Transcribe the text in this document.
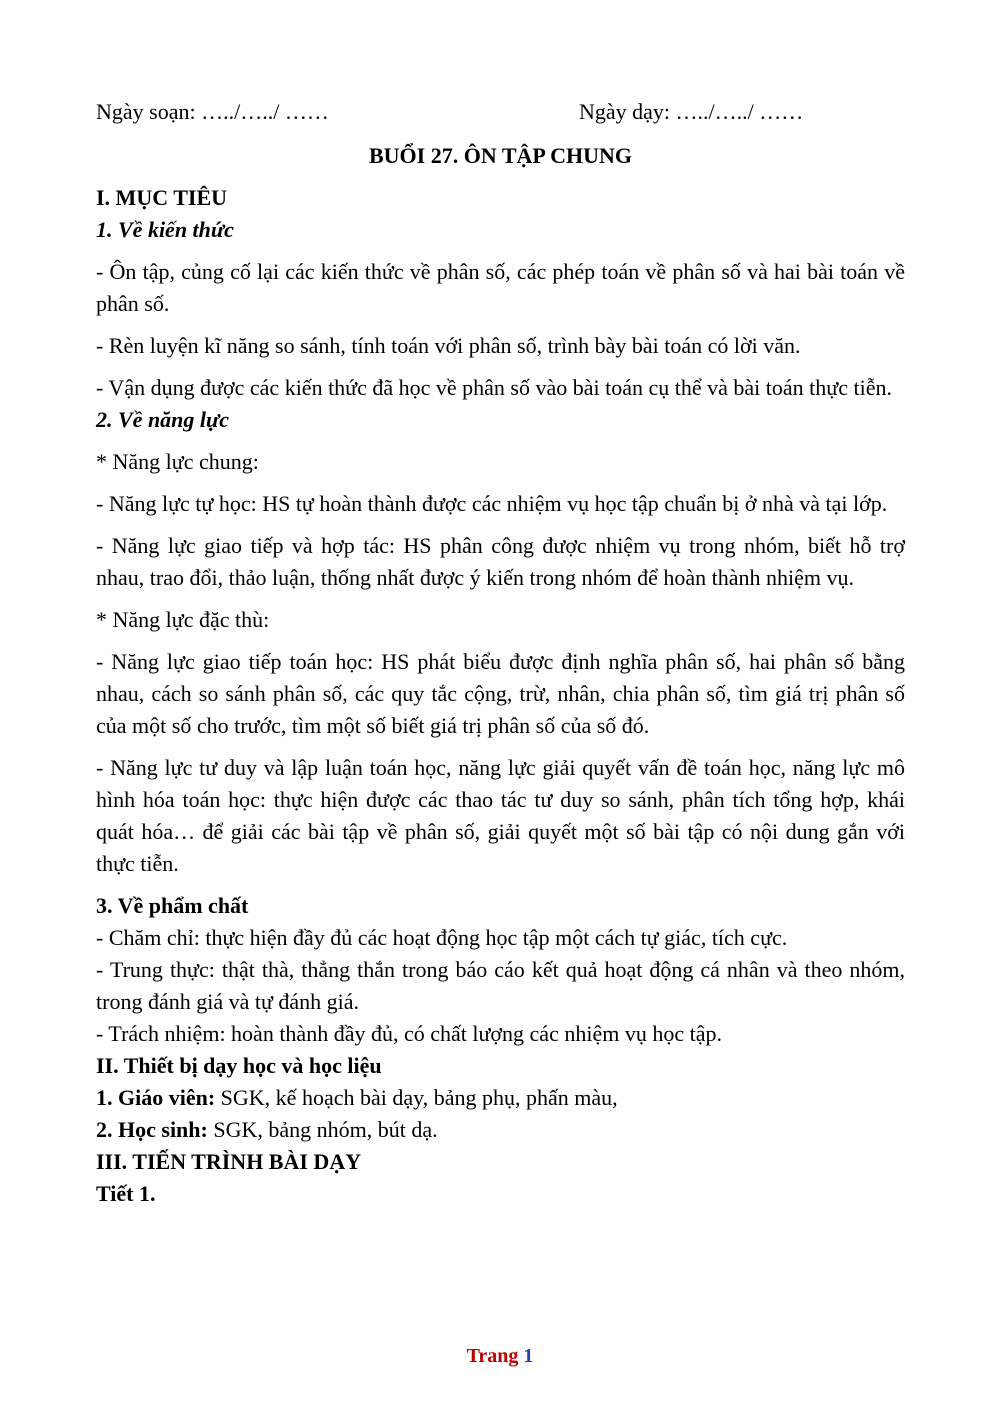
Ngày soạn: …../…../ ……	Ngày dạy: …../…../ ……

BUỔI 27. ÔN TẬP CHUNG

I. MỤC TIÊU

1. Về kiến thức

- Ôn tập, củng cố lại các kiến thức về phân số, các phép toán về phân số và hai bài toán về phân số.

- Rèn luyện kĩ năng so sánh, tính toán với phân số, trình bày bài toán có lời văn.

- Vận dụng được các kiến thức đã học về phân số vào bài toán cụ thể và bài toán thực tiễn.

2. Về năng lực

* Năng lực chung:

- Năng lực tự học: HS tự hoàn thành được các nhiệm vụ học tập chuẩn bị ở nhà và tại lớp.

- Năng lực giao tiếp và hợp tác: HS phân công được nhiệm vụ trong nhóm, biết hỗ trợ nhau, trao đổi, thảo luận, thống nhất được ý kiến trong nhóm để hoàn thành nhiệm vụ.

* Năng lực đặc thù:

- Năng lực giao tiếp toán học: HS phát biểu được định nghĩa phân số, hai phân số bằng nhau, cách so sánh phân số, các quy tắc cộng, trừ, nhân, chia phân số, tìm giá trị phân số của một số cho trước, tìm một số biết giá trị phân số của số đó.

- Năng lực tư duy và lập luận toán học, năng lực giải quyết vấn đề toán học, năng lực mô hình hóa toán học: thực hiện được các thao tác tư duy so sánh, phân tích tổng hợp, khái quát hóa… để giải các bài tập về phân số, giải quyết một số bài tập có nội dung gắn với thực tiễn.

3. Về phẩm chất

- Chăm chỉ: thực hiện đầy đủ các hoạt động học tập một cách tự giác, tích cực.

- Trung thực: thật thà, thẳng thắn trong báo cáo kết quả hoạt động cá nhân và theo nhóm, trong đánh giá và tự đánh giá.

- Trách nhiệm: hoàn thành đầy đủ, có chất lượng các nhiệm vụ học tập.

II. Thiết bị dạy học và học liệu

1. Giáo viên: SGK, kế hoạch bài dạy, bảng phụ, phấn màu,

2. Học sinh: SGK, bảng nhóm, bút dạ.

III. TIẾN TRÌNH BÀI DẠY

Tiết 1.

Trang 1
